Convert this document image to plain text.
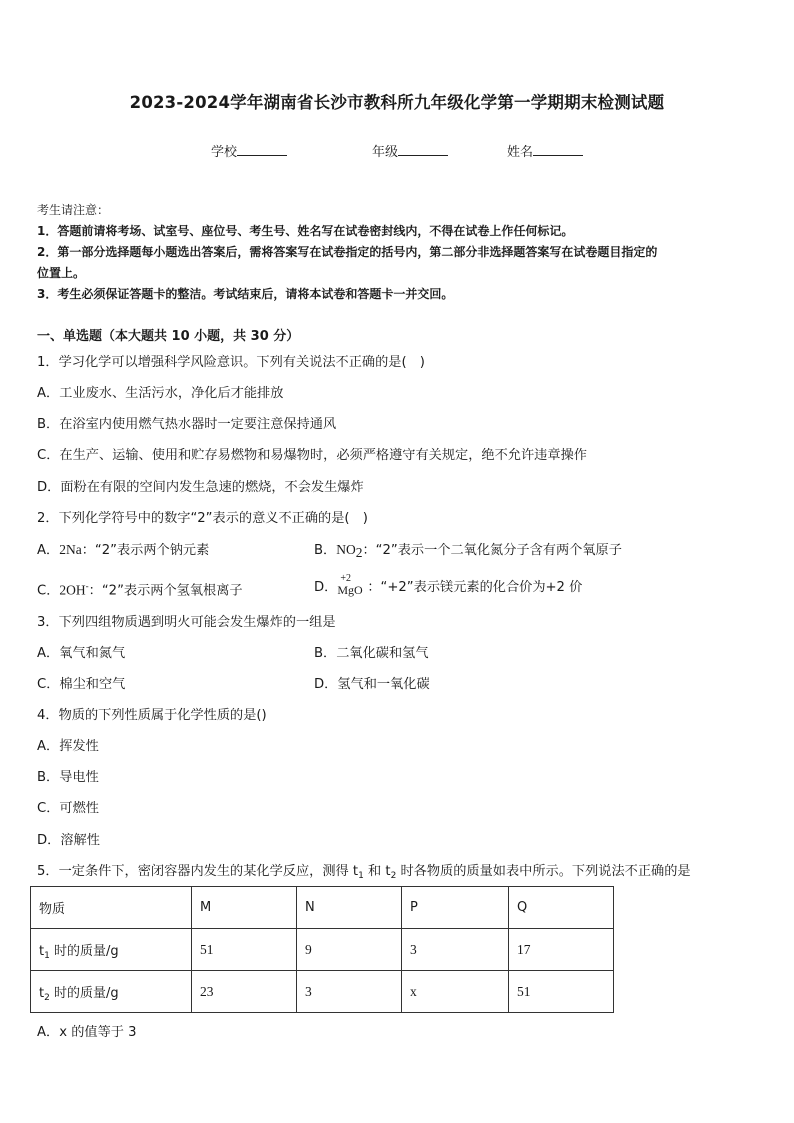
2023-2024学年湖南省长沙市教科所九年级化学第一学期期末检测试题
学校	年级	姓名
考生请注意：
1．答题前请将考场、试室号、座位号、考生号、姓名写在试卷密封线内，不得在试卷上作任何标记。
2．第一部分选择题每小题选出答案后，需将答案写在试卷指定的括号内，第二部分非选择题答案写在试卷题目指定的
位置上。
3．考生必须保证答题卡的整洁。考试结束后，请将本试卷和答题卡一并交回。
一、单选题（本大题共 10 小题，共 30 分）
1．学习化学可以增强科学风险意识。下列有关说法不正确的是(　)
A．工业废水、生活污水，净化后才能排放
B．在浴室内使用燃气热水器时一定要注意保持通风
C．在生产、运输、使用和贮存易燃物和易爆物时，必须严格遵守有关规定，绝不允许违章操作
D．面粉在有限的空间内发生急速的燃烧，不会发生爆炸
2．下列化学符号中的数字“2”表示的意义不正确的是(　)
A．2Na：“2”表示两个钠元素	B．$NO_2$：“2”表示一个二氧化氮分子含有两个氧原子
C．2OH-：“2”表示两个氢氧根离子	D．
+2
MgO ：“+2”表示镁元素的化合价为+2 价
3．下列四组物质遇到明火可能会发生爆炸的一组是
A．氧气和氮气	B．二氧化碳和氢气
C．棉尘和空气	D．氢气和一氧化碳
4．物质的下列性质属于化学性质的是()
A．挥发性
B．导电性
C．可燃性
D．溶解性
5．一定条件下，密闭容器内发生的某化学反应，测得 $t_1$ 和 $t_2$ 时各物质的质量如表中所示。下列说法不正确的是
物质	M	N	P	Q
$t_1$ 时的质量/g	51	9	3	17
$t_2$ 时的质量/g	23	3	x	51
A．x 的值等于 3
